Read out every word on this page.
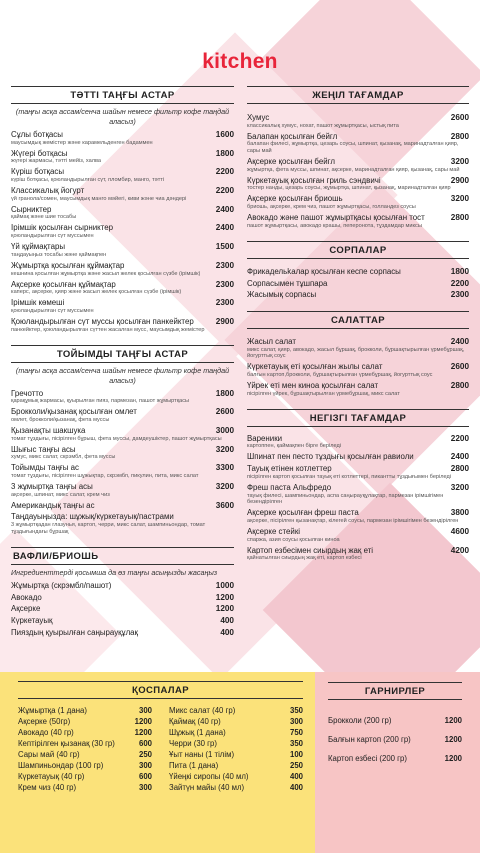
kitchen
ТӘТТІ ТАҢҒЫ АСТАР
(таңғы асқа ассам/сенча шайын немесе фильтр кофе таңдай аласыз)
Сұлы ботқасы	1600
маусымдық жемістер және карамельденген бадаммен
Жүгері ботқасы	1800
жүгері жармасы, тәтті мейіз, халва
Күріш ботқасы	2200
күріш ботқасы, қоюландырылған сүт, пломбир, манго, тәтті
Классикалық йогурт	2200
үй гранола/сомен, маусымдық манго мәйегі, киви және чиа дәндері
Сырниктер	2400
қаймақ және шие тосабы
Ірімшік қосылған сырниктер	2400
қоюландырылған сүт муссымен
Үй құймақтары	1500
таңдауыңыз тосабы және қаймақпен
Жұмыртқа қосылған құймақтар	2300
кешнина қосылған жұмыртқа және жасыл желек қосылған сүзбе (ірімшік)
Ақсерке қосылған құймақтар	2300
каперс, ақсерке, қияр және жасыл желек қосылған сүзбе (ірімшік)
Ірімшік көмеші	2300
қоюландырылған сүт муссымен
Қоюландырылған сүт муссы қосылған панкейктер	2900
панкейктер, қоюландырылған сүттен жасалған мусс, маусымдық жемістер
ТОЙЫМДЫ ТАҢҒЫ АСТАР
(таңғы асқа ассам/сенча шайын немесе фильтр кофе таңдай аласыз)
Гречотто	1800
қарақұмық жармасы, қуырылған пияз, пармезан, пашот жұмыртқасы
Брокколи/қызанақ қосылған омлет	2600
омлет, брокколи/қызанақ, фета муссы
Қызанақты шакшука	3000
томат тұздығы, пісірілген бұрыш, фета муссы, дамдеушіктер, пашот жұмыртқасы
Шығыс таңғы асы	3200
хумус, микс салат, скрэмбл, фета муссы
Тойымды таңғы ас	3300
томат тұздығы, пісірілген шұжықтар, скрэмбл, пикулин, пита, микс салат
3 жұмыртқа таңғы асы	3200
ақсерке, шпинат, микс салат, крем чиз
Американдық таңғы ас	3600
Таңдауыңызда: шұжық/күркетауық/пастрами
3 жұмыртқадан глазунья, картоп, черри, микс салат, шампиньондар, томат тұздығындағы бұршақ
ВАФЛИ/БРИОШЬ
Ингредиенттерді қосымша да өз таңғы асыңызды жасаңыз
Жұмыртқа (скрэмбл/пашот)	1000
Авокадо	1200
Ақсерке	1200
Күркетауық	400
Пияздың қуырылған саңырауқұлақ	400
ЖЕҢІЛ ТАҒАМДАР
Хумус	2600
классикалық хумус, нохат, пашот жұмыртқасы, ыстық пита
Балапан қосылған бейгл	2800
балапан филесі, жұмыртқа, цезарь соусы, шпинат, қызанақ, маринадталған қияр, сары май
Ақсерке қосылған бейгл	3200
жұмыртқа, фета муссы, шпинат, ақсерке, маринадталған қияр, қызанақ, сары май
Күркетауық қосылған гриль сэндвичі	2900
тостер нанды, цезарь соусы, жұмыртқа, шпинат, қызанақ, маринадталған қияр
Ақсерке қосылған бриошь	3200
бриошь, ақсерке, крем чиз, пашот жұмыртқасы, голландез соусы
Авокадо және пашот жұмыртқасы қосылған тост	2800
пашот жұмыртқасы, авокадо крашы, пеперонота, тұздамдар миксы
СОРПАЛАР
Фрикадельkалар қосылған кеспе сорпасы	1800
Сорпасымен тұшпара	2200
Жасымық сорпасы	2300
САЛАТТАР
Жасыл салат	2400
микс салат, қияр, авокадо, жасыл бұршақ, брокколи, бұршақтырылған үрмебұршақ, йогурттық соус
Күркетауық еті қосылған жылы салат	2600
балғын картоп,брокколи, бұршақтырылған үрмебұршақ, йогурттық соус
Үйрек еті мен киноа қосылған салат	2800
пісірілген үйрек, бұршақтырылған үрмебұршақ, микс салат
НЕГІЗГІ ТАҒАМДАР
Вареники	2200
картоппен, қаймақпен бірге беріледі
Шпинат пен песто тұздығы қосылған равиоли	2400
Тауық етінен котлеттер	2800
пісірілген картоп қосылған тауық еті котлеттері, пикантты тұздығымен беріледі
Фреш паста Альфредо	3200
тауық филесі, шампиньондар, аспа саңырауқұлақтар, пармезан ірімшігімен безендірілген
Ақсерке қосылған фреш паста	3800
ақсерке, пісірілген қызанақтар, кілегей соусы, пармезан ірімшігімен безендірілген
Ақсерке стейкі	4600
спаржа, азия соусы қосылған киноа
Картоп езбесімен сиырдың жақ еті	4200
қайнатылған сиырдың жақ еті, картоп езбесі
ҚОСПАЛАР
Жұмыртқа (1 дана)	300
Ақсерке (50гр)	1200
Авокадо (40 гр)	1200
Кептірілген қызанақ (30 гр)	600
Сары май (40 гр)	250
Шампиньондар (100 гр)	300
Күркетауық (40 гр)	600
Крем чиз (40 гр)	300
Микс салат (40 гр)	350
Қаймақ (40 гр)	300
Шұжық (1 дана)	750
Черри (30 гр)	350
Ұыт наны (1 тілім)	100
Пита (1 дана)	250
Үйеңкі сиропы (40 мл)	400
Зайтүн майы (40 мл)	400
ГАРНИРЛЕР
Брокколи (200 гр)	1200
Балғын картоп (200 гр)	1200
Картоп езбесі (200 гр)	1200
